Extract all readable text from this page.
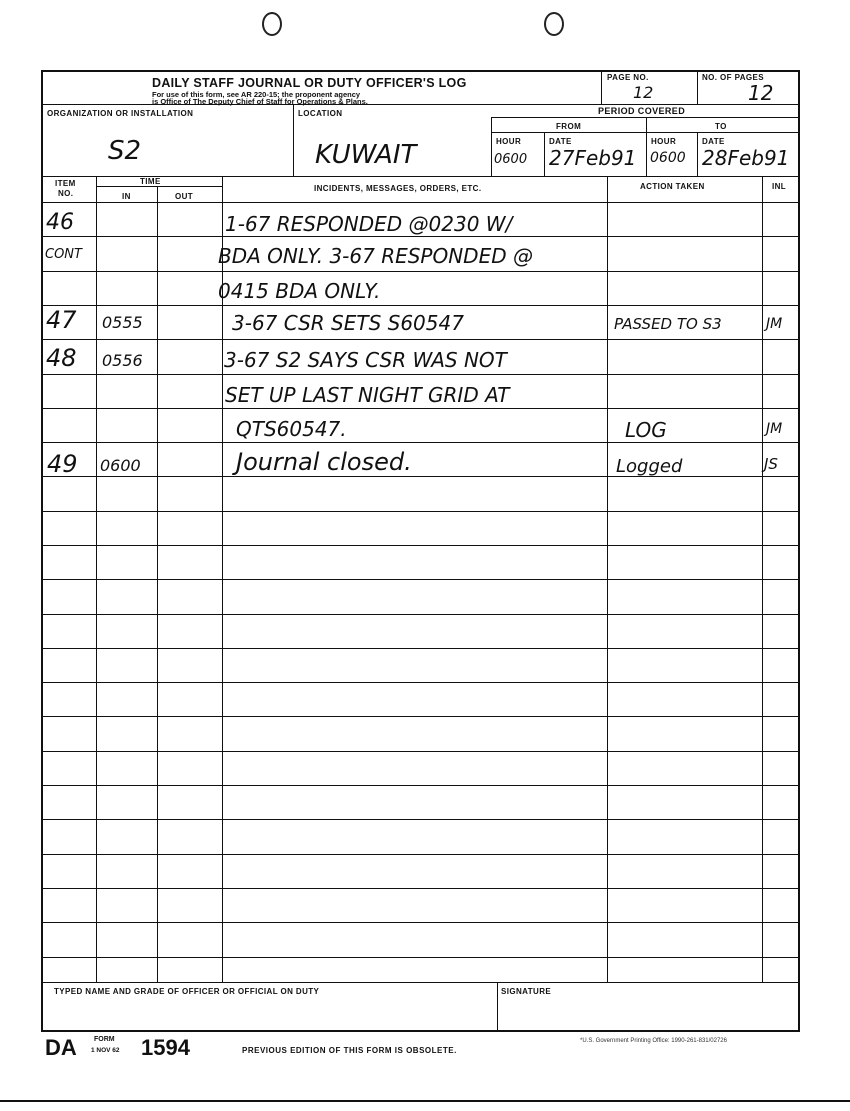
DAILY STAFF JOURNAL OR DUTY OFFICER'S LOG
For use of this form, see AR 220-15; the proponent agency
is Office of The Deputy Chief of Staff for Operations & Plans.
PAGE NO.
12
NO. OF PAGES
12
ORGANIZATION OR INSTALLATION	LOCATION	PERIOD COVERED
FROM	TO
HOUR	DATE	HOUR	DATE
S2	KUWAIT	0600 27Feb91 0600 28Feb91
ITEM
NO.
TIME
IN	OUT
INCIDENTS, MESSAGES, ORDERS, ETC.	ACTION TAKEN	INL
46	1-67 RESPONDED @0230 W/
CONT	BDA ONLY. 3-67 RESPONDED @
0415 BDA ONLY.
47 0555	3-67 CSR SETS S60547	PASSED TO S3	JM
48 0556	3-67 S2 SAYS CSR WAS NOT
SET UP LAST NIGHT GRID AT
QTS60547.	LOG	JM
49 0600	Journal closed.	Logged	JS
TYPED NAME AND GRADE OF OFFICER OR OFFICIAL ON DUTY	SIGNATURE
DA FORM
1 NOV 62 1594	PREVIOUS EDITION OF THIS FORM IS OBSOLETE.
*U.S. Government Printing Office: 1990-261-831/02726
